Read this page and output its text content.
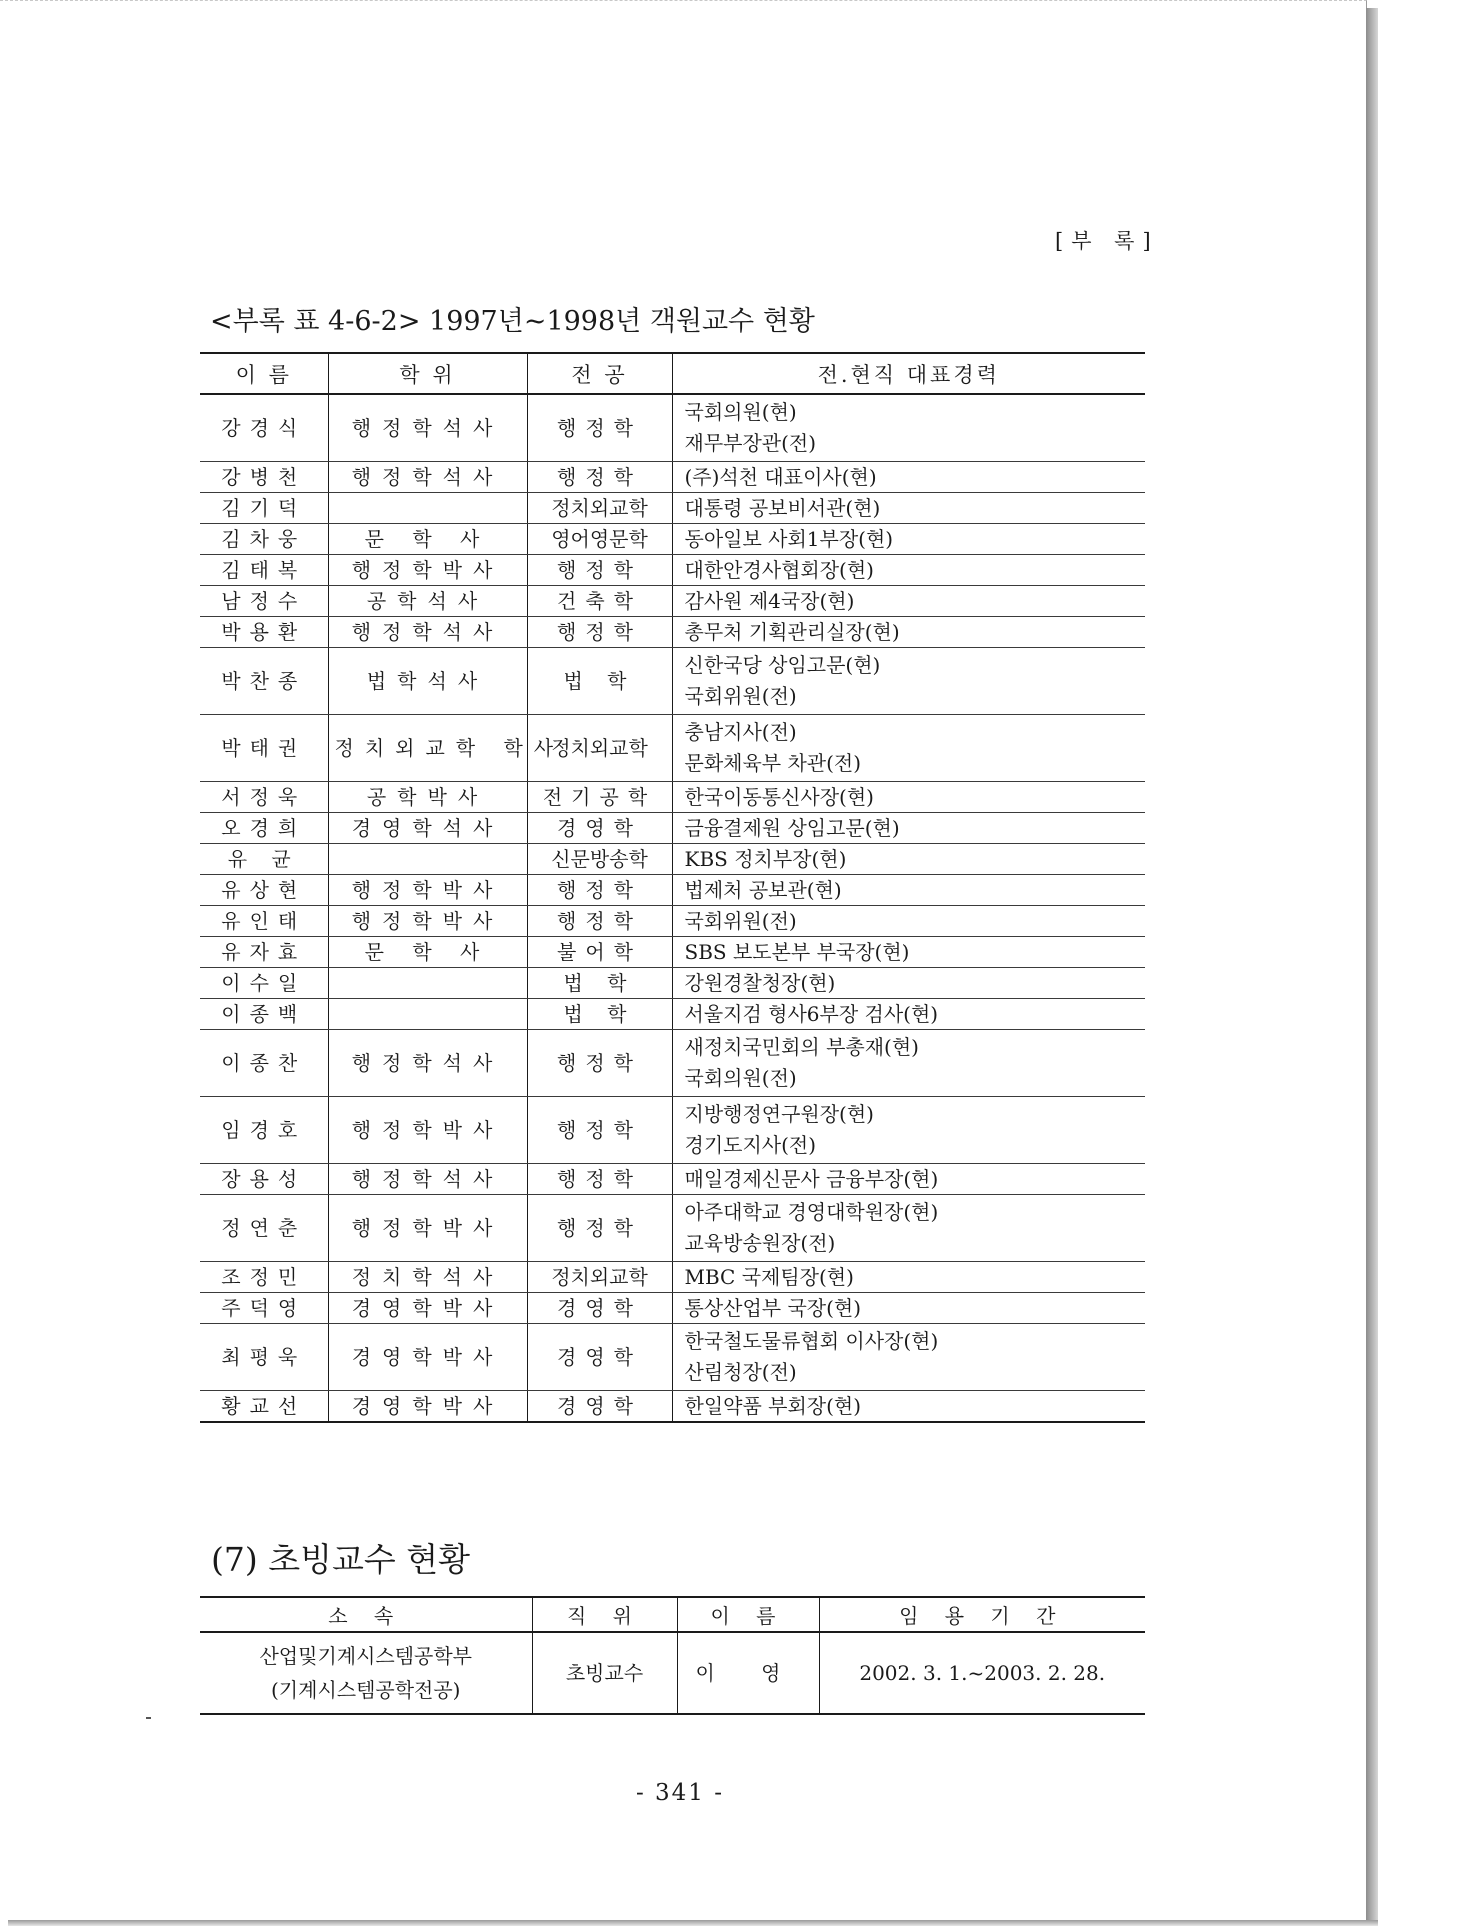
[부 록]
<부록 표 4-6-2> 1997년~1998년 객원교수 현황
이 름	학 위	전 공	전.현직 대표경력
강경식	행정학석사	행정학	국회의원(현)
재무부장관(전)

강병천	행정학석사	행정학	(주)석천 대표이사(현)

김기덕		정치외교학	대통령 공보비서관(현)

김차웅	문 학 사	영어영문학	동아일보 사회1부장(현)

김태복	행정학박사	행정학	대한안경사협회장(현)

남정수	공학석사	건축학	감사원 제4국장(현)

박용환	행정학석사	행정학	총무처 기획관리실장(현)

박찬종	법학석사	법 학	신한국당 상임고문(현)
국회위원(전)

박태권	정치외교학 학사	정치외교학	충남지사(전)
문화체육부 차관(전)

서정욱	공학박사	전기공학	한국이동통신사장(현)

오경희	경영학석사	경영학	금융결제원 상임고문(현)

유 균		신문방송학	KBS 정치부장(현)

유상현	행정학박사	행정학	법제처 공보관(현)

유인태	행정학박사	행정학	국회위원(전)

유자효	문 학 사	불어학	SBS 보도본부 부국장(현)

이수일		법 학	강원경찰청장(현)

이종백		법 학	서울지검 형사6부장 검사(현)

이종찬	행정학석사	행정학	새정치국민회의 부총재(현)
국회의원(전)

임경호	행정학박사	행정학	지방행정연구원장(현)
경기도지사(전)

장용성	행정학석사	행정학	매일경제신문사 금융부장(현)

정연춘	행정학박사	행정학	아주대학교 경영대학원장(현)
교육방송원장(전)

조정민	정치학석사	정치외교학	MBC 국제팀장(현)

주덕영	경영학박사	경영학	통상산업부 국장(현)

최평욱	경영학박사	경영학	한국철도물류협회 이사장(현)
산림청장(전)

황교선	경영학박사	경영학	한일약품 부회장(현)
(7) 초빙교수 현황
소 속	직 위	이 름	임 용 기 간

산업및기계시스템공학부
(기계시스템공학전공)	초빙교수	이 영	2002. 3. 1.~2003. 2. 28.
- 341 -
